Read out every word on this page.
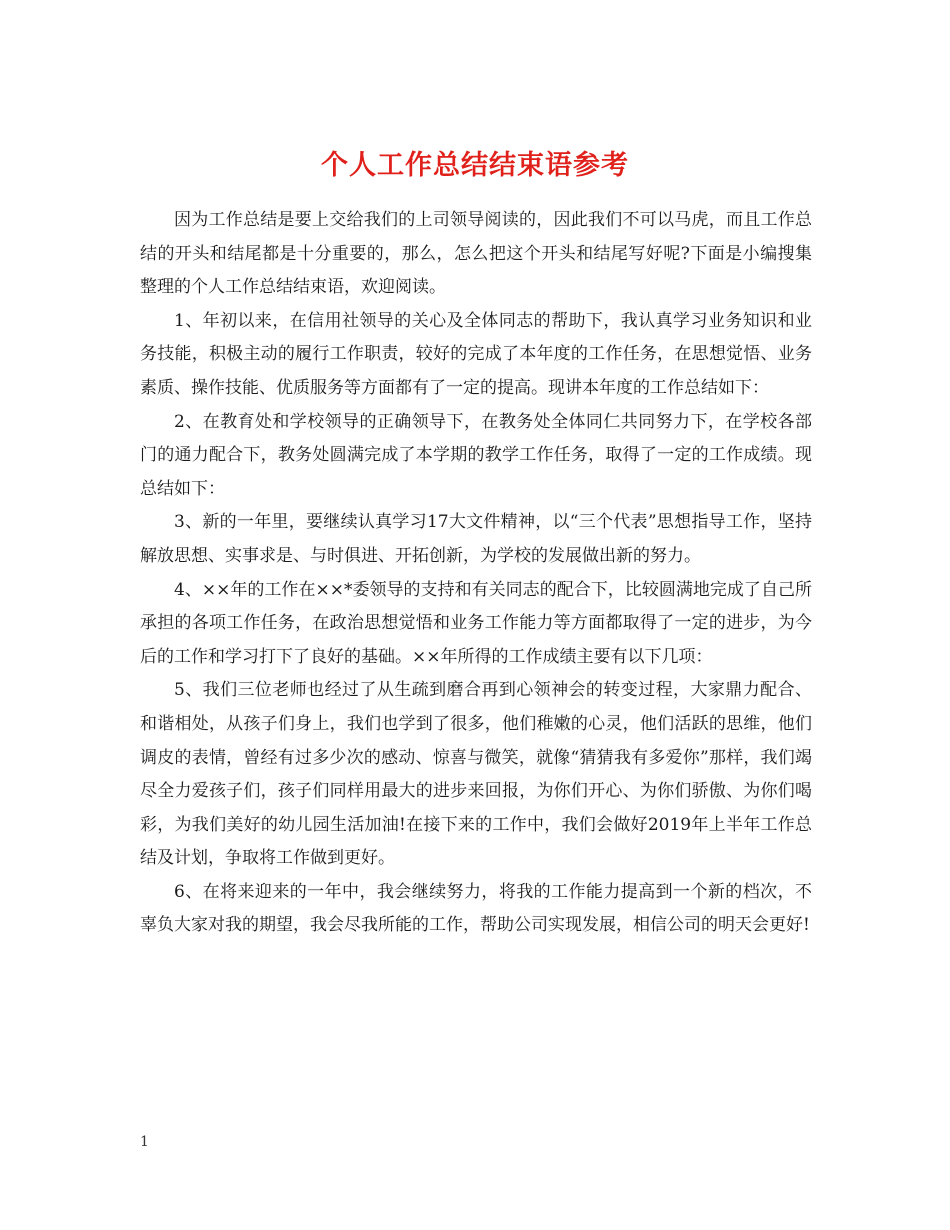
个人工作总结结束语参考

因为工作总结是要上交给我们的上司领导阅读的，因此我们不可以马虎，而且工作总结的开头和结尾都是十分重要的，那么，怎么把这个开头和结尾写好呢?下面是小编搜集整理的个人工作总结结束语，欢迎阅读。

1、年初以来，在信用社领导的关心及全体同志的帮助下，我认真学习业务知识和业务技能，积极主动的履行工作职责，较好的完成了本年度的工作任务，在思想觉悟、业务素质、操作技能、优质服务等方面都有了一定的提高。现讲本年度的工作总结如下：

2、在教育处和学校领导的正确领导下，在教务处全体同仁共同努力下，在学校各部门的通力配合下，教务处圆满完成了本学期的教学工作任务，取得了一定的工作成绩。现总结如下：

3、新的一年里，要继续认真学习17大文件精神，以“三个代表”思想指导工作，坚持解放思想、实事求是、与时俱进、开拓创新，为学校的发展做出新的努力。

4、××年的工作在××*委领导的支持和有关同志的配合下，比较圆满地完成了自己所承担的各项工作任务，在政治思想觉悟和业务工作能力等方面都取得了一定的进步，为今后的工作和学习打下了良好的基础。××年所得的工作成绩主要有以下几项：

5、我们三位老师也经过了从生疏到磨合再到心领神会的转变过程，大家鼎力配合、和谐相处，从孩子们身上，我们也学到了很多，他们稚嫩的心灵，他们活跃的思维，他们调皮的表情，曾经有过多少次的感动、惊喜与微笑，就像“猜猜我有多爱你”那样，我们竭尽全力爱孩子们，孩子们同样用最大的进步来回报，为你们开心、为你们骄傲、为你们喝彩，为我们美好的幼儿园生活加油!在接下来的工作中，我们会做好2019年上半年工作总结及计划，争取将工作做到更好。

6、在将来迎来的一年中，我会继续努力，将我的工作能力提高到一个新的档次，不辜负大家对我的期望，我会尽我所能的工作，帮助公司实现发展，相信公司的明天会更好!

1
